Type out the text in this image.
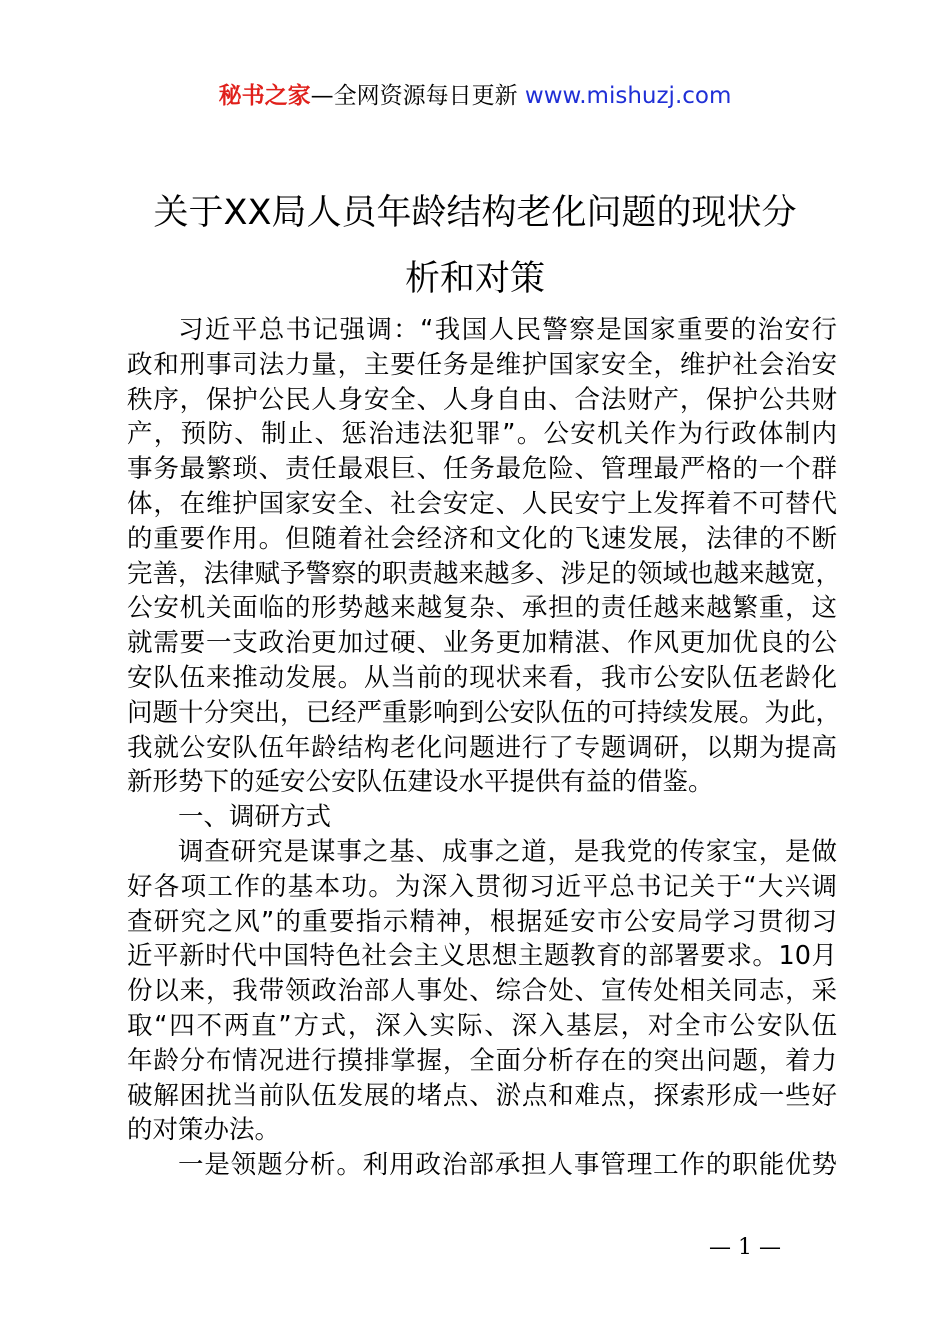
秘书之家—全网资源每日更新 www.mishuzj.com
关于XX局人员年龄结构老化问题的现状分
析和对策
习近平总书记强调：“我国人民警察是国家重要的治安行
政和刑事司法力量，主要任务是维护国家安全，维护社会治安
秩序，保护公民人身安全、人身自由、合法财产，保护公共财
产，预防、制止、惩治违法犯罪”。公安机关作为行政体制内
事务最繁琐、责任最艰巨、任务最危险、管理最严格的一个群
体，在维护国家安全、社会安定、人民安宁上发挥着不可替代
的重要作用。但随着社会经济和文化的飞速发展，法律的不断
完善，法律赋予警察的职责越来越多、涉足的领域也越来越宽，
公安机关面临的形势越来越复杂、承担的责任越来越繁重，这
就需要一支政治更加过硬、业务更加精湛、作风更加优良的公
安队伍来推动发展。从当前的现状来看，我市公安队伍老龄化
问题十分突出，已经严重影响到公安队伍的可持续发展。为此，
我就公安队伍年龄结构老化问题进行了专题调研，以期为提高
新形势下的延安公安队伍建设水平提供有益的借鉴。
一、调研方式
调查研究是谋事之基、成事之道，是我党的传家宝，是做
好各项工作的基本功。为深入贯彻习近平总书记关于“大兴调
查研究之风”的重要指示精神，根据延安市公安局学习贯彻习
近平新时代中国特色社会主义思想主题教育的部署要求。10月
份以来，我带领政治部人事处、综合处、宣传处相关同志，采
取“四不两直”方式，深入实际、深入基层，对全市公安队伍
年龄分布情况进行摸排掌握，全面分析存在的突出问题，着力
破解困扰当前队伍发展的堵点、淤点和难点，探索形成一些好
的对策办法。
一是领题分析。利用政治部承担人事管理工作的职能优势
— 1 —
